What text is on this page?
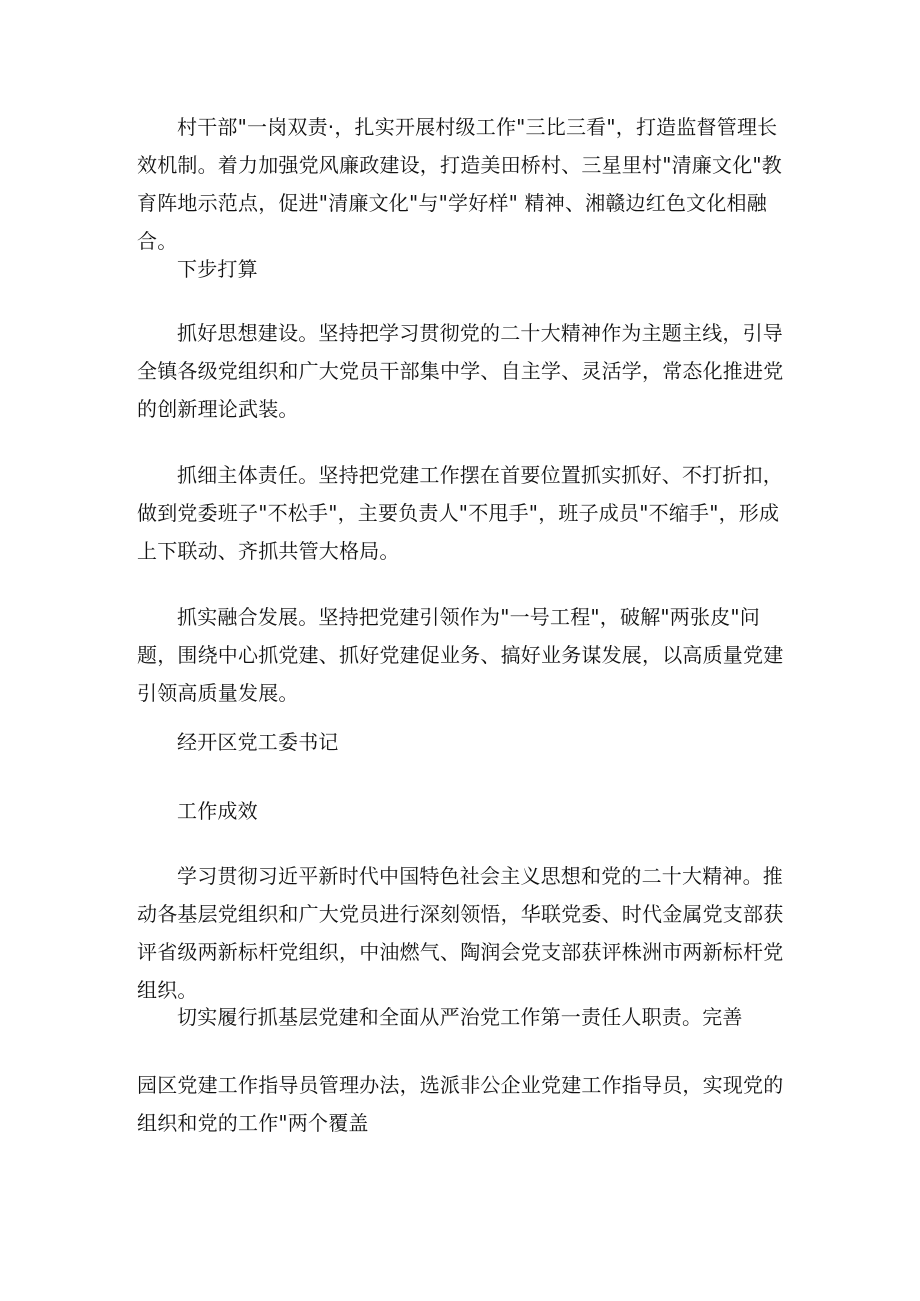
村干部"一岗双责·，扎实开展村级工作"三比三看"，打造监督管理长效机制。着力加强党风廉政建设，打造美田桥村、三星里村"清廉文化"教育阵地示范点，促进"清廉文化"与"学好样" 精神、湘赣边红色文化相融合。
下步打算
抓好思想建设。坚持把学习贯彻党的二十大精神作为主题主线，引导全镇各级党组织和广大党员干部集中学、自主学、灵活学，常态化推进党的创新理论武装。
抓细主体责任。坚持把党建工作摆在首要位置抓实抓好、不打折扣，做到党委班子"不松手"，主要负责人"不甩手"，班子成员"不缩手"，形成上下联动、齐抓共管大格局。
抓实融合发展。坚持把党建引领作为"一号工程"，破解"两张皮"问题，围绕中心抓党建、抓好党建促业务、搞好业务谋发展，以高质量党建引领高质量发展。
经开区党工委书记
工作成效
学习贯彻习近平新时代中国特色社会主义思想和党的二十大精神。推动各基层党组织和广大党员进行深刻领悟，华联党委、时代金属党支部获评省级两新标杆党组织，中油燃气、陶润会党支部获评株洲市两新标杆党组织。
切实履行抓基层党建和全面从严治党工作第一责任人职责。完善
园区党建工作指导员管理办法，选派非公企业党建工作指导员，实现党的组织和党的工作"两个覆盖
